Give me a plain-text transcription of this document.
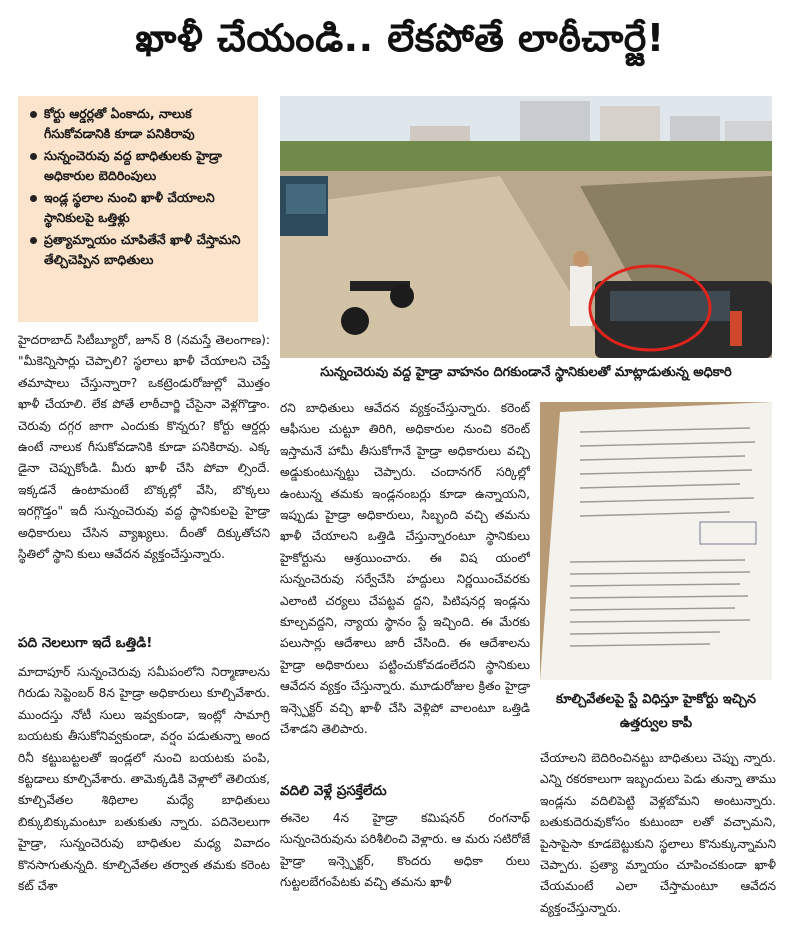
ఖాళీ చేయండి.. లేకపోతే లాఠీచార్జే!
కోర్టు ఆర్డర్లతో ఏంకాదు, నాలుక గీసుకోవడానికి కూడా పనికిరావు
సున్నంచెరువు వద్ద బాధితులకు హైడ్రా అధికారుల బెదిరింపులు
ఇండ్ల స్థలాల నుంచి ఖాళీ చేయాలని స్థానికులపై ఒత్తిళ్లు
ప్రత్యామ్నాయం చూపితేనే ఖాళీ చేస్తామని తేల్చిచెప్పిన బాధితులు
సున్నంచెరువు వద్ద హైడ్రా వాహనం దిగకుండానే స్థానికులతో మాట్లాడుతున్న అధికారి

హైదరాబాద్ సిటీబ్యూరో, జూన్ 8 (నమస్తే తెలంగాణ): "మీకెన్నిసార్లు చెప్పాలి? స్థలాలు ఖాళీ చేయాలని చెప్తే తమాషాలు చేస్తున్నారా? ఒకట్రెండురోజుల్లో మొత్తం ఖాళీ చేయాలి. లేక పోతే లాఠీచార్జి చేసైనా వెళ్లగొడ్తాం. చెరువు దగ్గర జాగా ఎందుకు కొన్నరు? కోర్టు ఆర్డర్లు ఉంటే నాలుక గీసుకోవడానికి కూడా పనికిరావు. ఎక్క డైనా చెప్పుకోండి. మీరు ఖాళీ చేసి పోవా ల్సిందే. ఇక్కడనే ఉంటామంటే బొక్కల్లో వేసి, బొక్కలు ఇరగ్గొడ్తం" ఇదీ సున్నంచెరువు వద్ద స్థానికులపై హైడ్రా అధికారులు చేసిన వ్యాఖ్యలు. దీంతో దిక్కుతోచని స్థితిలో స్థాని కులు ఆవేదన వ్యక్తంచేస్తున్నారు.

పది నెలలుగా ఇదే ఒత్తిడి!

మాదాపూర్ సున్నంచెరువు సమీపంలోని నిర్మాణాలను గిరుడు సెప్టెంబర్ 8న హైడ్రా అధికారులు కూల్చివేశారు. ముందస్తు నోటీ సులు ఇవ్వకుండా, ఇంట్లో సామాగ్రి బయటకు తీసుకోనివ్వకుండా, వర్షం పడుతున్నా అంద రినీ కట్టుబట్టలతో ఇండ్లలో నుంచి బయటకు పంపి, కట్టడాలు కూల్చివేశారు. తామెక్కడికి వెళ్లాలో తెలియక, కూల్చివేతల శిథిలాల మధ్యే బాధితులు బిక్కుబిక్కుమంటూ బతుకుతు న్నారు. పదినెలలుగా హైడ్రా, సున్నంచెరువు బాధితుల మధ్య వివాదం కొనసాగుతున్నది. కూల్చివేతల తర్వాత తమకు కరెంట కట్ చేశా

రని బాధితులు ఆవేదన వ్యక్తంచేస్తున్నారు. కరెంట్ ఆఫీసుల చుట్టూ తిరిగి, అధికారుల నుంచి కరెంట్ ఇస్తామనే హామీ తీసుకోగానే హైడ్రా అధికారులు వచ్చి అడ్డుకుంటున్నట్టు చెప్పారు. చందానగర్ సర్కిల్లో ఉంటున్న తమకు ఇండ్లనంబర్లు కూడా ఉన్నాయని, ఇప్పుడు హైడ్రా అధికారులు, సిబ్బంది వచ్చి తమను ఖాళీ చేయాలని ఒత్తిడి చేస్తున్నారంటూ స్థానికులు హైకోర్టును ఆశ్రయించారు. ఈ విష యంలో సున్నంచెరువు సర్వేచేసి హద్దులు నిర్ణయించేవరకు ఎలాంటి చర్యలు చేపట్టవ ద్దని, పిటిషనర్ల ఇండ్లను కూల్చవద్దని, న్యాయ స్థానం స్టే ఇచ్చింది. ఈ మేరకు పలుసార్లు ఆదేశాలు జారీ చేసింది. ఈ ఆదేశాలను హైడ్రా అధికారులు పట్టించుకోవడంలేదని స్థానికులు ఆవేదన వ్యక్తం చేస్తున్నారు. మూడురోజుల క్రితం హైడ్రా ఇన్స్పెక్టర్ వచ్చి ఖాళీ చేసి వెళ్లిపో వాలంటూ ఒత్తిడి చేశాడని తెలిపారు.

వదిలి వెళ్లే ప్రసక్తేలేదు

ఈనెల 4న హైడ్రా కమిషనర్ రంగనాథ్ సున్నంచెరువును పరిశీలించి వెళ్లారు. ఆ మరు సటిరోజే హైడ్రా ఇన్స్పెక్టర్, కొందరు అధికా రులు గుట్టలబేగంపేటకు వచ్చి తమను ఖాళీ

కూల్చివేతలపై స్టే విధిస్తూ హైకోర్టు ఇచ్చిన ఉత్తర్వుల కాపీ

చేయాలని బెదిరించినట్టు బాధితులు చెప్పు న్నారు. ఎన్ని రకరకాలుగా ఇబ్బందులు పెడు తున్నా తాము ఇండ్లను వదిలిపెట్టి వెళ్లబోమని అంటున్నారు. బతుకుదెరువుకోసం కుటుంబా లతో వచ్చామని, పైసాపైసా కూడబెట్టుకుని స్థలాలు కొనుక్కున్నామని చెప్పారు. ప్రత్యా మ్నాయం చూపించకుండా ఖాళీ చేయమంటే ఎలా చేస్తామంటూ ఆవేదన వ్యక్తంచేస్తున్నారు.
